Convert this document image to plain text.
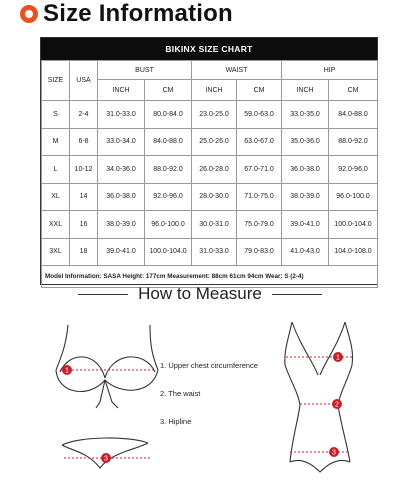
Size Information
BIKINX SIZE CHART
SIZE	USA	BUST		WAIST		HIP	
		INCH	CM	INCH	CM	INCH	CM
S	2-4	31.0-33.0	80.0-84.0	23.0-25.0	59.0-63.0	33.0-35.0	84.0-88.0
M	6-8	33.0-34.0	84.0-88.0	25.0-26.0	63.0-67.0	35.0-36.0	88.0-92.0
L	10-12	34.0-36.0	88.0-92.0	26.0-28.0	67.0-71.0	36.0-38.0	92.0-96.0
XL	14	36.0-38.0	92.0-96.0	28.0-30.0	71.0-75.0	38.0-39.0	96.0-100.0
XXL	16	38.0-39.0	96.0-100.0	30.0-31.0	75.0-79.0	39.0-41.0	100.0-104.0
3XL	18	39.0-41.0	100.0-104.0	31.0-33.0	79.0-83.0	41.0-43.0	104.0-108.0
Model Information: SASA Height: 177cm Measurement: 88cm 61cm 94cm Wear: S (2-4)							
How to Measure
1
3
1
2
3
1. Upper chest circumference
2. The waist
3. Hipline
